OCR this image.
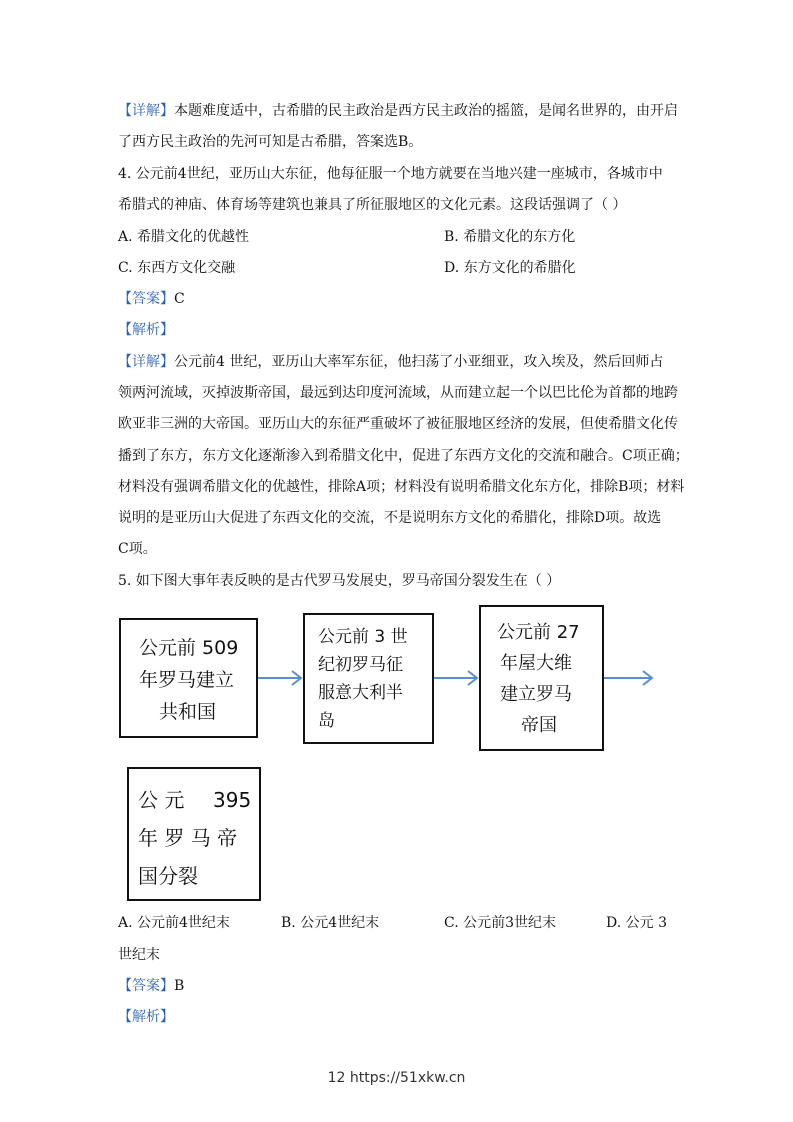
【详解】本题难度适中，古希腊的民主政治是西方民主政治的摇篮，是闻名世界的，由开启
了西方民主政治的先河可知是古希腊，答案选B。
4. 公元前4世纪，亚历山大东征，他每征服一个地方就要在当地兴建一座城市，各城市中
希腊式的神庙、体育场等建筑也兼具了所征服地区的文化元素。这段话强调了（ ）
A. 希腊文化的优越性	B. 希腊文化的东方化
C. 东西方文化交融	D. 东方文化的希腊化
【答案】C
【解析】
【详解】公元前4 世纪，亚历山大率军东征，他扫荡了小亚细亚，攻入埃及，然后回师占
领两河流域，灭掉波斯帝国，最远到达印度河流域，从而建立起一个以巴比伦为首都的地跨
欧亚非三洲的大帝国。亚历山大的东征严重破坏了被征服地区经济的发展，但使希腊文化传
播到了东方，东方文化逐渐渗入到希腊文化中，促进了东西方文化的交流和融合。C项正确；
材料没有强调希腊文化的优越性，排除A项；材料没有说明希腊文化东方化，排除B项；材料
说明的是亚历山大促进了东西文化的交流，不是说明东方文化的希腊化，排除D项。故选
C项。
5. 如下图大事年表反映的是古代罗马发展史，罗马帝国分裂发生在（ ）
公元前 509
年罗马建立
共和国
公元前 3 世
纪初罗马征
服意大利半
岛
公元前 27
年屋大维
建立罗马
帝国
公 元 395
年 罗 马 帝
国分裂
A. 公元前4世纪末	B. 公元4世纪末	C. 公元前3世纪末	D. 公元 3
世纪末
【答案】B
【解析】
12 https://51xkw.cn
